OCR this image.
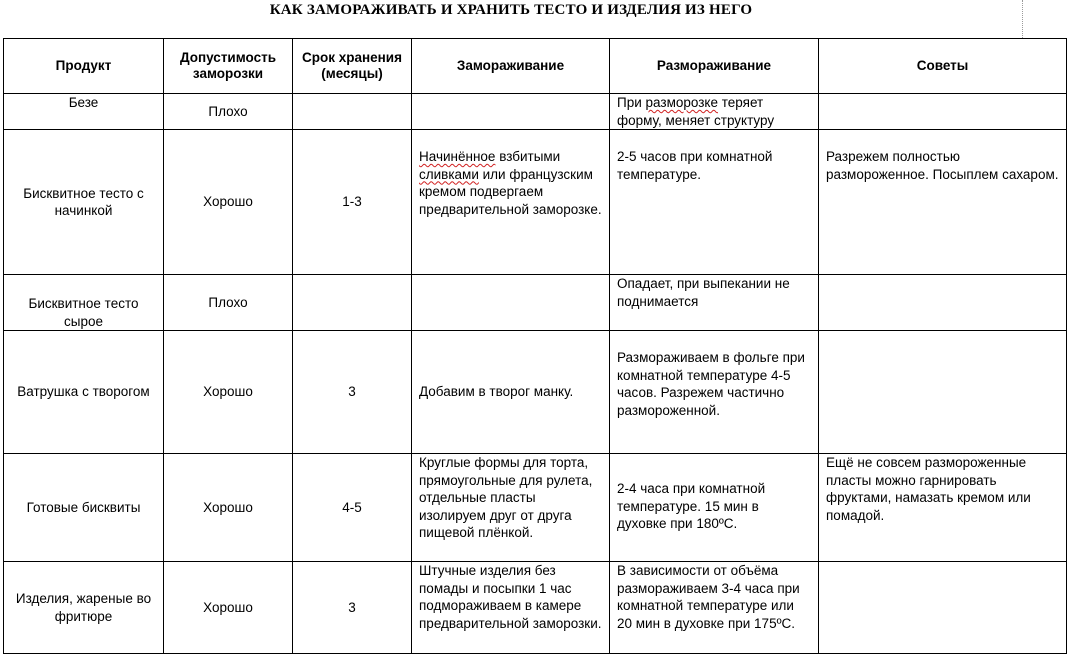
КАК ЗАМОРАЖИВАТЬ И ХРАНИТЬ ТЕСТО И ИЗДЕЛИЯ ИЗ НЕГО
Продукт	Допустимость заморозки	Срок хранения (месяцы)	Замораживание	Размораживание	Советы
Безе	Плохо			При разморозке теряет форму, меняет структуру	
Бисквитное тесто с начинкой	Хорошо	1-3	Начинённое взбитыми сливками или французским кремом подвергаем предварительной заморозке.	2-5 часов при комнатной температуре.	Разрежем полностью размороженное. Посыплем сахаром.
Бисквитное тесто сырое	Плохо			Опадает, при выпекании не поднимается	
Ватрушка с творогом	Хорошо	3	Добавим в творог манку.	Размораживаем в фольге при комнатной температуре 4-5 часов. Разрежем частично размороженной.	
Готовые бисквиты	Хорошо	4-5	Круглые формы для торта, прямоугольные для рулета, отдельные пласты изолируем друг от друга пищевой плёнкой.	2-4 часа при комнатной температуре. 15 мин в духовке при 180ºС.	Ещё не совсем размороженные пласты можно гарнировать фруктами, намазать кремом или помадой.
Изделия, жареные во фритюре	Хорошо	3	Штучные изделия без помады и посыпки 1 час подмораживаем в камере предварительной заморозки.	В зависимости от объёма размораживаем 3-4 часа при комнатной температуре или 20 мин в духовке при 175ºС.	
